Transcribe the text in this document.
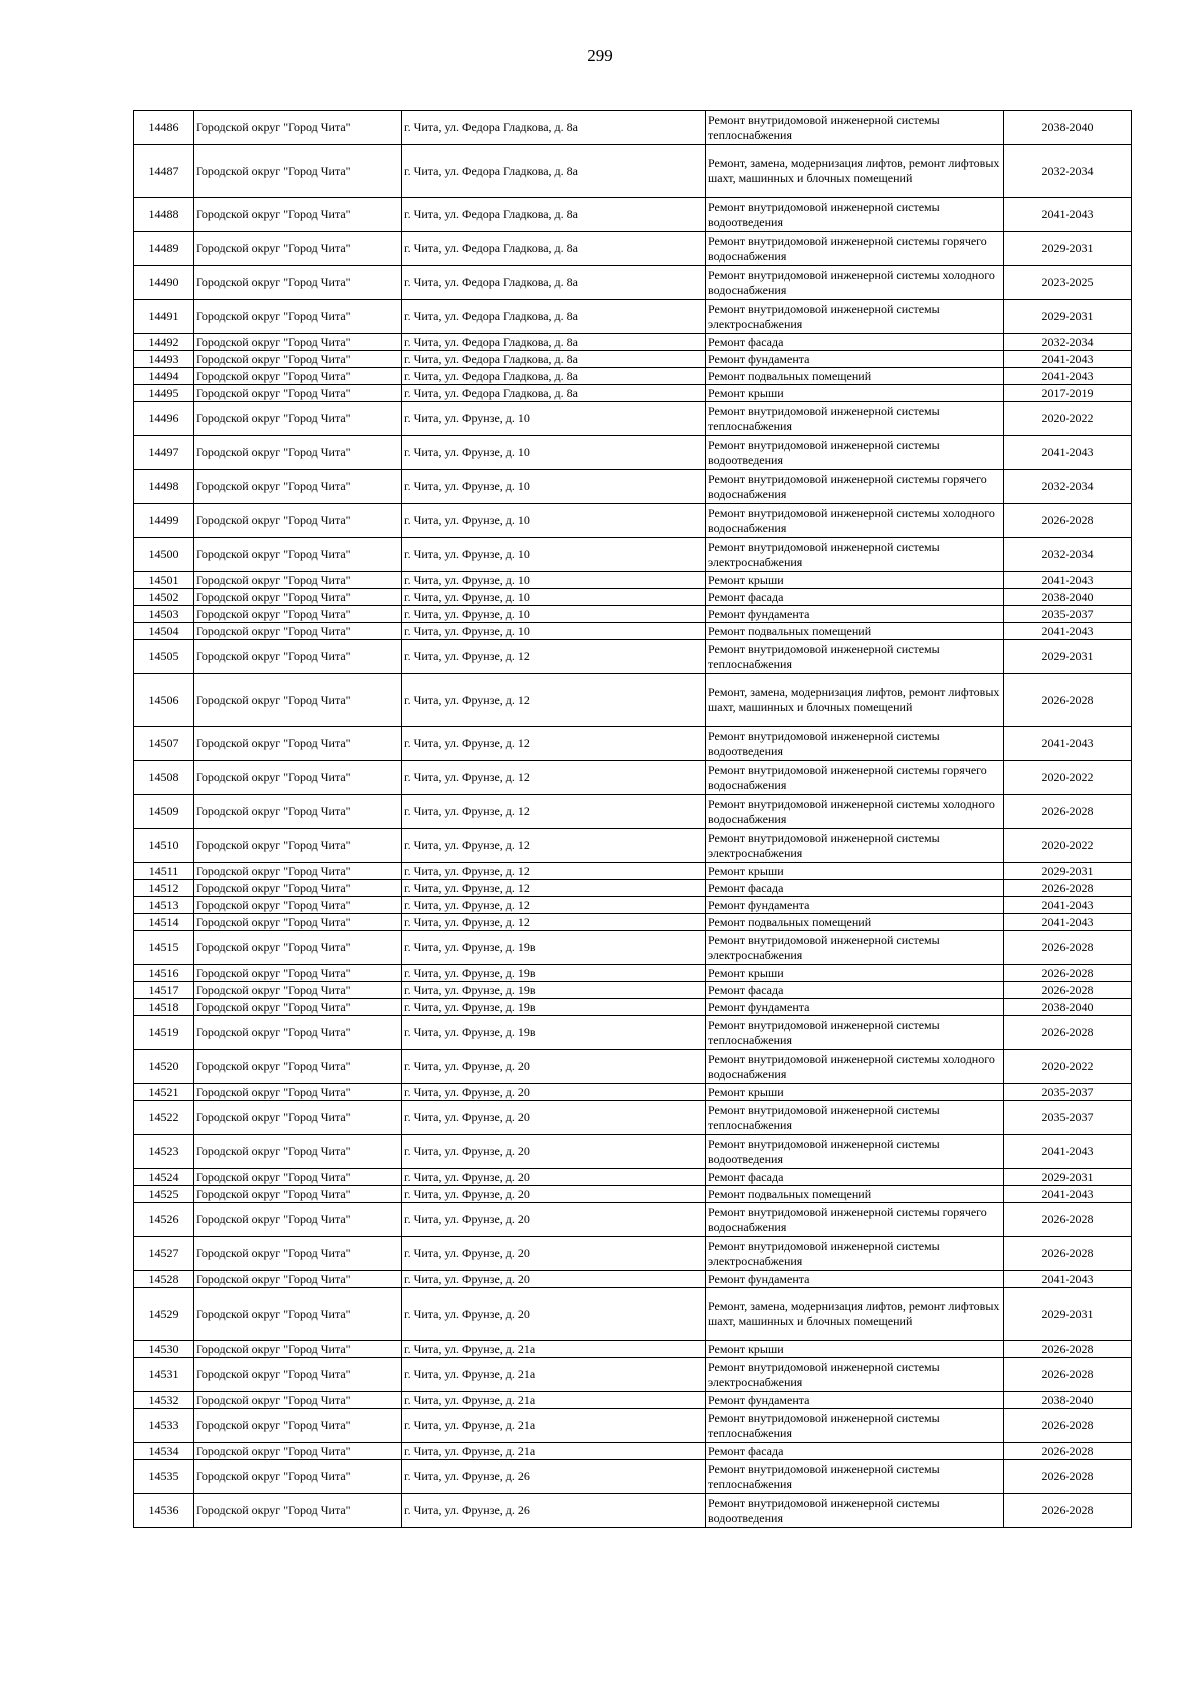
299
14486	Городской округ "Город Чита"	г. Чита, ул. Федора Гладкова, д. 8а	Ремонт внутридомовой инженерной системы теплоснабжения	2038-2040
14487	Городской округ "Город Чита"	г. Чита, ул. Федора Гладкова, д. 8а	Ремонт, замена, модернизация лифтов, ремонт лифтовых шахт, машинных и блочных помещений	2032-2034
14488	Городской округ "Город Чита"	г. Чита, ул. Федора Гладкова, д. 8а	Ремонт внутридомовой инженерной системы водоотведения	2041-2043
14489	Городской округ "Город Чита"	г. Чита, ул. Федора Гладкова, д. 8а	Ремонт внутридомовой инженерной системы горячего водоснабжения	2029-2031
14490	Городской округ "Город Чита"	г. Чита, ул. Федора Гладкова, д. 8а	Ремонт внутридомовой инженерной системы холодного водоснабжения	2023-2025
14491	Городской округ "Город Чита"	г. Чита, ул. Федора Гладкова, д. 8а	Ремонт внутридомовой инженерной системы электроснабжения	2029-2031
14492	Городской округ "Город Чита"	г. Чита, ул. Федора Гладкова, д. 8а	Ремонт фасада	2032-2034
14493	Городской округ "Город Чита"	г. Чита, ул. Федора Гладкова, д. 8а	Ремонт фундамента	2041-2043
14494	Городской округ "Город Чита"	г. Чита, ул. Федора Гладкова, д. 8а	Ремонт подвальных помещений	2041-2043
14495	Городской округ "Город Чита"	г. Чита, ул. Федора Гладкова, д. 8а	Ремонт крыши	2017-2019
14496	Городской округ "Город Чита"	г. Чита, ул. Фрунзе, д. 10	Ремонт внутридомовой инженерной системы теплоснабжения	2020-2022
14497	Городской округ "Город Чита"	г. Чита, ул. Фрунзе, д. 10	Ремонт внутридомовой инженерной системы водоотведения	2041-2043
14498	Городской округ "Город Чита"	г. Чита, ул. Фрунзе, д. 10	Ремонт внутридомовой инженерной системы горячего водоснабжения	2032-2034
14499	Городской округ "Город Чита"	г. Чита, ул. Фрунзе, д. 10	Ремонт внутридомовой инженерной системы холодного водоснабжения	2026-2028
14500	Городской округ "Город Чита"	г. Чита, ул. Фрунзе, д. 10	Ремонт внутридомовой инженерной системы электроснабжения	2032-2034
14501	Городской округ "Город Чита"	г. Чита, ул. Фрунзе, д. 10	Ремонт крыши	2041-2043
14502	Городской округ "Город Чита"	г. Чита, ул. Фрунзе, д. 10	Ремонт фасада	2038-2040
14503	Городской округ "Город Чита"	г. Чита, ул. Фрунзе, д. 10	Ремонт фундамента	2035-2037
14504	Городской округ "Город Чита"	г. Чита, ул. Фрунзе, д. 10	Ремонт подвальных помещений	2041-2043
14505	Городской округ "Город Чита"	г. Чита, ул. Фрунзе, д. 12	Ремонт внутридомовой инженерной системы теплоснабжения	2029-2031
14506	Городской округ "Город Чита"	г. Чита, ул. Фрунзе, д. 12	Ремонт, замена, модернизация лифтов, ремонт лифтовых шахт, машинных и блочных помещений	2026-2028
14507	Городской округ "Город Чита"	г. Чита, ул. Фрунзе, д. 12	Ремонт внутридомовой инженерной системы водоотведения	2041-2043
14508	Городской округ "Город Чита"	г. Чита, ул. Фрунзе, д. 12	Ремонт внутридомовой инженерной системы горячего водоснабжения	2020-2022
14509	Городской округ "Город Чита"	г. Чита, ул. Фрунзе, д. 12	Ремонт внутридомовой инженерной системы холодного водоснабжения	2026-2028
14510	Городской округ "Город Чита"	г. Чита, ул. Фрунзе, д. 12	Ремонт внутридомовой инженерной системы электроснабжения	2020-2022
14511	Городской округ "Город Чита"	г. Чита, ул. Фрунзе, д. 12	Ремонт крыши	2029-2031
14512	Городской округ "Город Чита"	г. Чита, ул. Фрунзе, д. 12	Ремонт фасада	2026-2028
14513	Городской округ "Город Чита"	г. Чита, ул. Фрунзе, д. 12	Ремонт фундамента	2041-2043
14514	Городской округ "Город Чита"	г. Чита, ул. Фрунзе, д. 12	Ремонт подвальных помещений	2041-2043
14515	Городской округ "Город Чита"	г. Чита, ул. Фрунзе, д. 19в	Ремонт внутридомовой инженерной системы электроснабжения	2026-2028
14516	Городской округ "Город Чита"	г. Чита, ул. Фрунзе, д. 19в	Ремонт крыши	2026-2028
14517	Городской округ "Город Чита"	г. Чита, ул. Фрунзе, д. 19в	Ремонт фасада	2026-2028
14518	Городской округ "Город Чита"	г. Чита, ул. Фрунзе, д. 19в	Ремонт фундамента	2038-2040
14519	Городской округ "Город Чита"	г. Чита, ул. Фрунзе, д. 19в	Ремонт внутридомовой инженерной системы теплоснабжения	2026-2028
14520	Городской округ "Город Чита"	г. Чита, ул. Фрунзе, д. 20	Ремонт внутридомовой инженерной системы холодного водоснабжения	2020-2022
14521	Городской округ "Город Чита"	г. Чита, ул. Фрунзе, д. 20	Ремонт крыши	2035-2037
14522	Городской округ "Город Чита"	г. Чита, ул. Фрунзе, д. 20	Ремонт внутридомовой инженерной системы теплоснабжения	2035-2037
14523	Городской округ "Город Чита"	г. Чита, ул. Фрунзе, д. 20	Ремонт внутридомовой инженерной системы водоотведения	2041-2043
14524	Городской округ "Город Чита"	г. Чита, ул. Фрунзе, д. 20	Ремонт фасада	2029-2031
14525	Городской округ "Город Чита"	г. Чита, ул. Фрунзе, д. 20	Ремонт подвальных помещений	2041-2043
14526	Городской округ "Город Чита"	г. Чита, ул. Фрунзе, д. 20	Ремонт внутридомовой инженерной системы горячего водоснабжения	2026-2028
14527	Городской округ "Город Чита"	г. Чита, ул. Фрунзе, д. 20	Ремонт внутридомовой инженерной системы электроснабжения	2026-2028
14528	Городской округ "Город Чита"	г. Чита, ул. Фрунзе, д. 20	Ремонт фундамента	2041-2043
14529	Городской округ "Город Чита"	г. Чита, ул. Фрунзе, д. 20	Ремонт, замена, модернизация лифтов, ремонт лифтовых шахт, машинных и блочных помещений	2029-2031
14530	Городской округ "Город Чита"	г. Чита, ул. Фрунзе, д. 21а	Ремонт крыши	2026-2028
14531	Городской округ "Город Чита"	г. Чита, ул. Фрунзе, д. 21а	Ремонт внутридомовой инженерной системы электроснабжения	2026-2028
14532	Городской округ "Город Чита"	г. Чита, ул. Фрунзе, д. 21а	Ремонт фундамента	2038-2040
14533	Городской округ "Город Чита"	г. Чита, ул. Фрунзе, д. 21а	Ремонт внутридомовой инженерной системы теплоснабжения	2026-2028
14534	Городской округ "Город Чита"	г. Чита, ул. Фрунзе, д. 21а	Ремонт фасада	2026-2028
14535	Городской округ "Город Чита"	г. Чита, ул. Фрунзе, д. 26	Ремонт внутридомовой инженерной системы теплоснабжения	2026-2028
14536	Городской округ "Город Чита"	г. Чита, ул. Фрунзе, д. 26	Ремонт внутридомовой инженерной системы водоотведения	2026-2028
